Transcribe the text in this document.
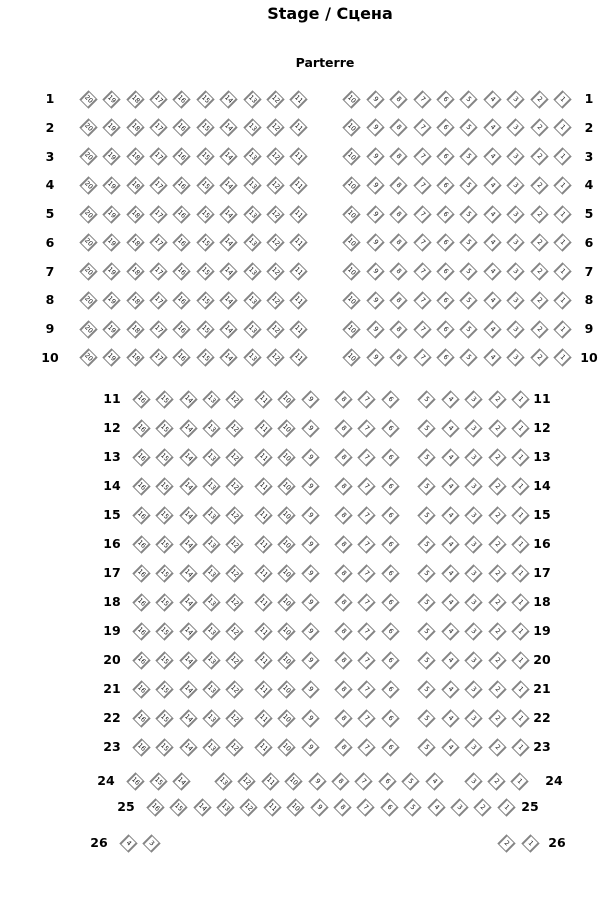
Stage / Сцена
Parterre
1	20 19 18 17 16 15 14 13 12 11	10 9 8 7 6 5 4 3 2 1 1
2	20 19 18 17 16 15 14 13 12 11	10 9 8 7 6 5 4 3 2 1 2
3	20 19 18 17 16 15 14 13 12 11	10 9 8 7 6 5 4 3 2 1 3
4	20 19 18 17 16 15 14 13 12 11	10 9 8 7 6 5 4 3 2 1 4
5	20 19 18 17 16 15 14 13 12 11	10 9 8 7 6 5 4 3 2 1 5
6	20 19 18 17 16 15 14 13 12 11	10 9 8 7 6 5 4 3 2 1 6
7	20 19 18 17 16 15 14 13 12 11	10 9 8 7 6 5 4 3 2 1 7
8	20 19 18 17 16 15 14 13 12 11	10 9 8 7 6 5 4 3 2 1 8
9	20 19 18 17 16 15 14 13 12 11	10 9 8 7 6 5 4 3 2 1 9
10	20 19 18 17 16 15 14 13 12 11	10 9 8 7 6 5 4 3 2 1 10
11 16 15 14 13 12	11 10 9	8 7 6	5 4 3 2 1 11
12 16 15 14 13 12	11 10 9	8 7 6	5 4 3 2 1 12
13 16 15 14 13 12	11 10 9	8 7 6	5 4 3 2 1 13
14 16 15 14 13 12	11 10 9	8 7 6	5 4 3 2 1 14
15 16 15 14 13 12	11 10 9	8 7 6	5 4 3 2 1 15
16 16 15 14 13 12	11 10 9	8 7 6	5 4 3 2 1 16
17 16 15 14 13 12	11 10 9	8 7 6	5 4 3 2 1 17
18 16 15 14 13 12	11 10 9	8 7 6	5 4 3 2 1 18
19 16 15 14 13 12	11 10 9	8 7 6	5 4 3 2 1 19
20 16 15 14 13 12	11 10 9	8 7 6	5 4 3 2 1 20
21 16 15 14 13 12	11 10 9	8 7 6	5 4 3 2 1 21
22 16 15 14 13 12	11 10 9	8 7 6	5 4 3 2 1 22
23 16 15 14 13 12	11 10 9	8 7 6	5 4 3 2 1 23
24 16 15 14	13 12 11 10 9 8 7 6 5 4	3 2 1 24
25 16 15 14 13 12 11 10 9 8 7 6 5 4 3 2 1 25
26	4 3	2 1 26
